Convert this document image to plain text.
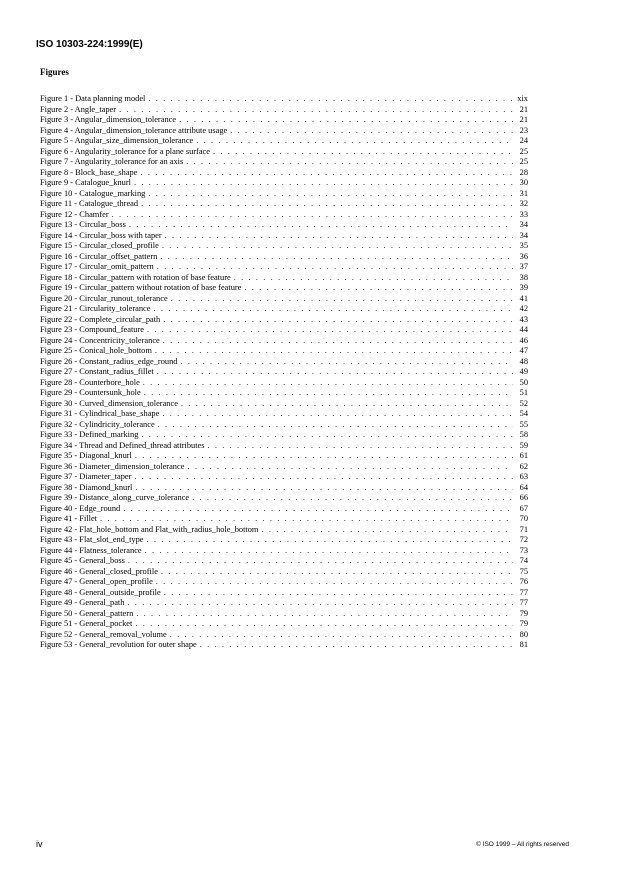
ISO 10303-224:1999(E)
Figures
Figure 1 - Data planning model . . .	xix
Figure 2 - Angle_taper . . .	21
Figure 3 - Angular_dimension_tolerance . . .	21
Figure 4 - Angular_dimension_tolerance attribute usage . . .	23
Figure 5 - Angular_size_dimension_tolerance . . .	24
Figure 6 - Angularity_tolerance for a plane surface . . .	25
Figure 7 - Angularity_tolerance for an axis . . .	25
Figure 8 - Block_base_shape . . .	28
Figure 9 - Catalogue_knurl . . .	30
Figure 10 - Catalogue_marking . . .	31
Figure 11 - Catalogue_thread . . .	32
Figure 12 - Chamfer . . .	33
Figure 13 - Circular_boss . . .	34
Figure 14 - Circular_boss with taper . . .	34
Figure 15 - Circular_closed_profile . . .	35
Figure 16 - Circular_offset_pattern . . .	36
Figure 17 - Circular_omit_pattern . . .	37
Figure 18 - Circular_pattern with rotation of base feature . . .	38
Figure 19 - Circular_pattern without rotation of base feature . . .	39
Figure 20 - Circular_runout_tolerance . . .	41
Figure 21 - Circularity_tolerance . . .	42
Figure 22 - Complete_circular_path . . .	43
Figure 23 - Compound_feature . . .	44
Figure 24 - Concentricity_tolerance . . .	46
Figure 25 - Conical_hole_bottom . . .	47
Figure 26 - Constant_radius_edge_round . . .	48
Figure 27 - Constant_radius_fillet . . .	49
Figure 28 - Counterbore_hole . . .	50
Figure 29 - Countersunk_hole . . .	51
Figure 30 - Curved_dimension_tolerance . . .	52
Figure 31 - Cylindrical_base_shape . . .	54
Figure 32 - Cylindricity_tolerance . . .	55
Figure 33 - Defined_marking . . .	58
Figure 34 - Thread and Defined_thread attributes . . .	59
Figure 35 - Diagonal_knurl . . .	61
Figure 36 - Diameter_dimension_tolerance . . .	62
Figure 37 - Diameter_taper . . .	63
Figure 38 - Diamond_knurl . . .	64
Figure 39 - Distance_along_curve_tolerance . . .	66
Figure 40 - Edge_round . . .	67
Figure 41 - Fillet . . .	70
Figure 42 - Flat_hole_bottom and Flat_with_radius_hole_bottom . . .	71
Figure 43 - Flat_slot_end_type . . .	72
Figure 44 - Flatness_tolerance . . .	73
Figure 45 - General_boss . . .	74
Figure 46 - General_closed_profile . . .	75
Figure 47 - General_open_profile . . .	76
Figure 48 - General_outside_profile . . .	77
Figure 49 - General_path . . .	77
Figure 50 - General_pattern . . .	79
Figure 51 - General_pocket . . .	79
Figure 52 - General_removal_volume . . .	80
Figure 53 - General_revolution for outer shape . . .	81
iv	© ISO 1999 – All rights reserved
